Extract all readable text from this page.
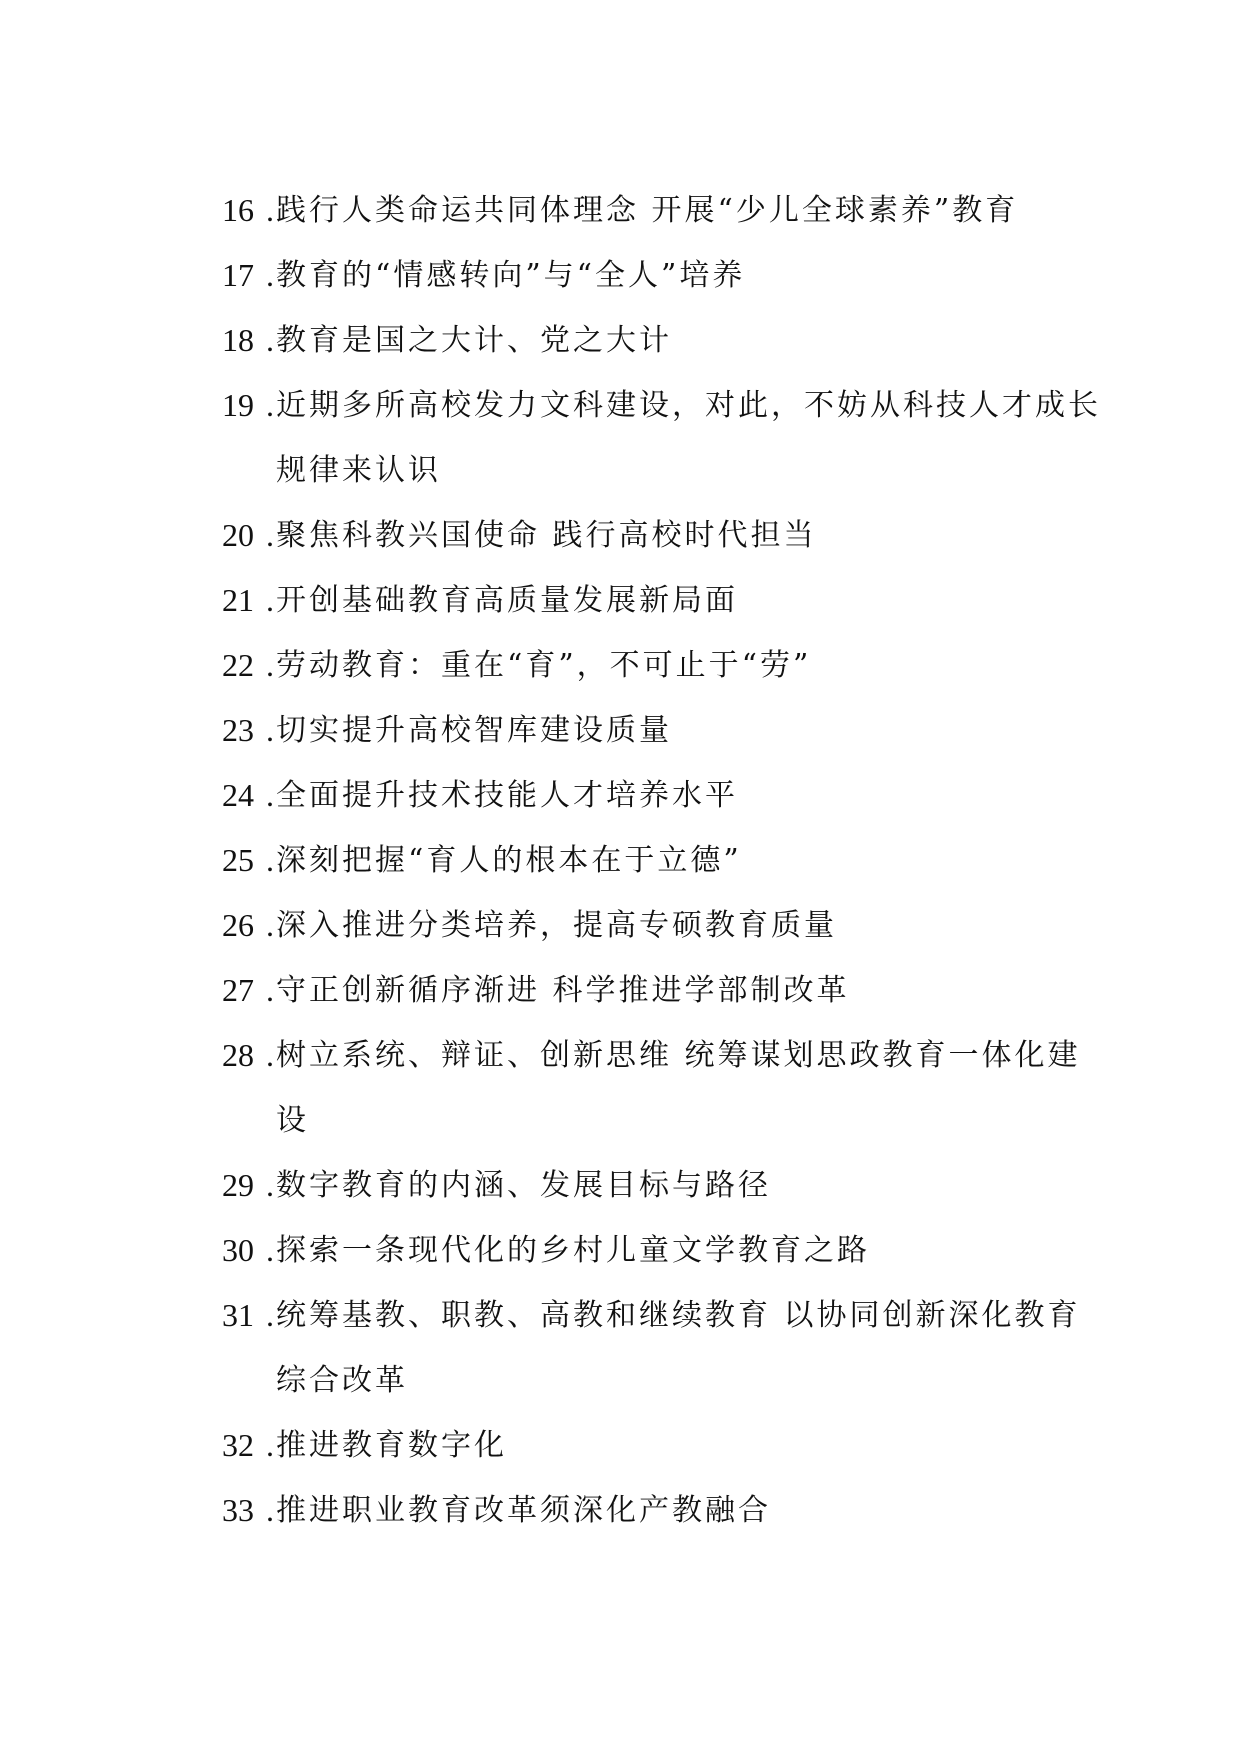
16 . 践行人类命运共同体理念 开展“少儿全球素养”教育
17 . 教育的“情感转向”与“全人”培养
18 . 教育是国之大计、党之大计
19 . 近期多所高校发力文科建设，对此，不妨从科技人才成长规律来认识
20 . 聚焦科教兴国使命 践行高校时代担当
21 . 开创基础教育高质量发展新局面
22 . 劳动教育：重在“育”，不可止于“劳”
23 . 切实提升高校智库建设质量
24 . 全面提升技术技能人才培养水平
25 . 深刻把握“育人的根本在于立德”
26 . 深入推进分类培养，提高专硕教育质量
27 . 守正创新循序渐进 科学推进学部制改革
28 . 树立系统、辩证、创新思维 统筹谋划思政教育一体化建设
29 . 数字教育的内涵、发展目标与路径
30 . 探索一条现代化的乡村儿童文学教育之路
31 . 统筹基教、职教、高教和继续教育 以协同创新深化教育综合改革
32 . 推进教育数字化
33 . 推进职业教育改革须深化产教融合
